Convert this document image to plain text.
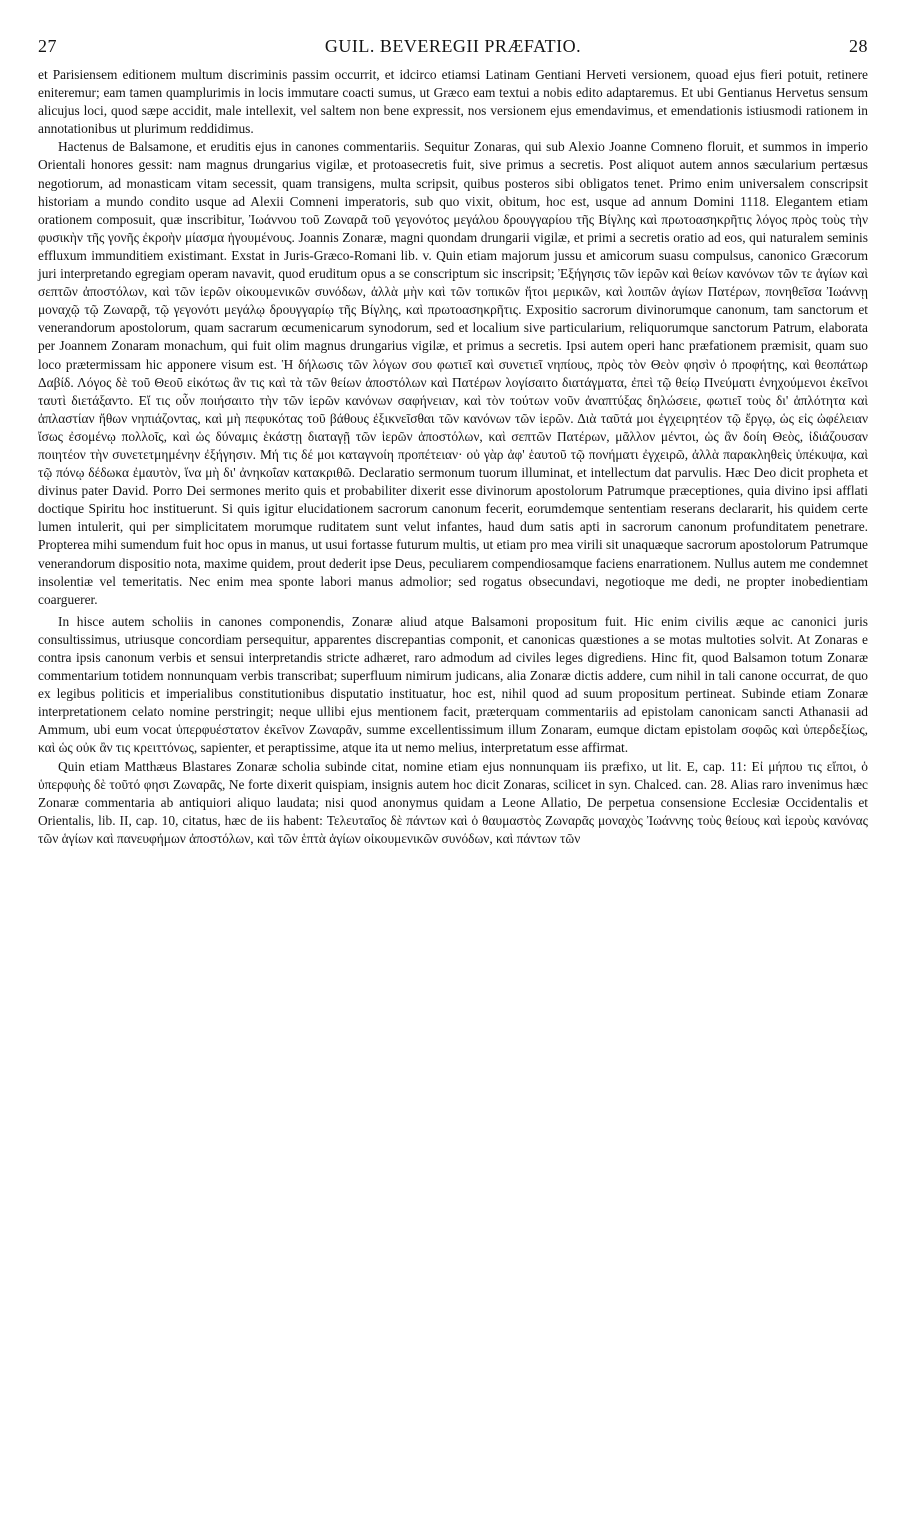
27	GUIL. BEVEREGII PRÆFATIO.	28

et Parisiensem editionem multum discriminis passim occurrit, et idcirco etiamsi Latinam Gentiani Herveti versionem, quoad ejus fieri potuit, retinere eniteremur; eam tamen quamplurimis in locis immutare coacti sumus, ut Græco eam textui a nobis edito adaptaremus. Et ubi Gentianus Hervetus sensum alicujus loci, quod sæpe accidit, male intellexit, vel saltem non bene expressit, nos versionem ejus emendavimus, et emendationis istiusmodi rationem in annotationibus ut plurimum reddidimus.

Hactenus de Balsamone, et eruditis ejus in canones commentariis. Sequitur Zonaras, qui sub Alexio Joanne Comneno floruit, et summos in imperio Orientali honores gessit: nam magnus drungarius vigilæ, et protoasecretis fuit, sive primus a secretis. Post aliquot autem annos sæcularium pertæsus negotiorum, ad monasticam vitam secessit, quam transigens, multa scripsit, quibus posteros sibi obligatos tenet. Primo enim universalem conscripsit historiam a mundo condito usque ad Alexii Comneni imperatoris, sub quo vixit, obitum, hoc est, usque ad annum Domini 1118. Elegantem etiam orationem composuit, quæ inscribitur, Ἰωάννου τοῦ Ζωναρᾶ τοῦ γεγονότος μεγάλου δρουγγαρίου τῆς Βίγλης καὶ πρωτοασηκρῆτις λόγος πρὸς τοὺς τὴν φυσικὴν τῆς γονῆς ἐκροὴν μίασμα ἡγουμένους. Joannis Zonaræ, magni quondam drungarii vigilæ, et primi a secretis oratio ad eos, qui naturalem seminis effluxum immunditiem existimant. Exstat in Juris-Græco-Romani lib. v. Quin etiam majorum jussu et amicorum suasu compulsus, canonico Græcorum juri interpretando egregiam operam navavit, quod eruditum opus a se conscriptum sic inscripsit; Ἐξήγησις τῶν ἱερῶν καὶ θείων κανόνων τῶν τε ἁγίων καὶ σεπτῶν ἀποστόλων, καὶ τῶν ἱερῶν οἰκουμενικῶν συνόδων, ἀλλὰ μὴν καὶ τῶν τοπικῶν ἤτοι μερικῶν, καὶ λοιπῶν ἁγίων Πατέρων, πονηθεῖσα Ἰωάννῃ μοναχῷ τῷ Ζωναρᾷ, τῷ γεγονότι μεγάλῳ δρουγγαρίῳ τῆς Βίγλης, καὶ πρωτοασηκρῆτις. Expositio sacrorum divinorumque canonum, tam sanctorum et venerandorum apostolorum, quam sacrarum œcumenicarum synodorum, sed et localium sive particularium, reliquorumque sanctorum Patrum, elaborata per Joannem Zonaram monachum, qui fuit olim magnus drungarius vigilæ, et primus a secretis. Ipsi autem operi hanc præfationem præmisit, quam suo loco prætermissam hic apponere visum est. Ἡ δήλωσις τῶν λόγων σου φωτιεῖ καὶ συνετιεῖ νηπίους, πρὸς τὸν Θεὸν φησὶν ὁ προφήτης, καὶ θεοπάτωρ Δαβίδ. Λόγος δὲ τοῦ Θεοῦ εἰκότως ἂν τις καὶ τὰ τῶν θείων ἀποστόλων καὶ Πατέρων λογίσαιτο διατάγματα, ἐπεὶ τῷ θείῳ Πνεύματι ἐνηχούμενοι ἐκεῖνοι ταυτὶ διετάξαντο. Εἴ τις οὖν ποιήσαιτο τὴν τῶν ἱερῶν κανόνων σαφήνειαν, καὶ τὸν τούτων νοῦν ἀναπτύξας δηλώσειε, φωτιεῖ τοὺς δι' ἁπλότητα καὶ ἀπλαστίαν ἤθων νηπιάζοντας, καὶ μὴ πεφυκότας τοῦ βάθους ἐξικνεῖσθαι τῶν κανόνων τῶν ἱερῶν. Διὰ ταῦτά μοι ἐγχειρητέον τῷ ἔργῳ, ὡς εἰς ὠφέλειαν ἴσως ἐσομένῳ πολλοῖς, καὶ ὡς δύναμις ἑκάστῃ διαταγῇ τῶν ἱερῶν ἀποστόλων, καὶ σεπτῶν Πατέρων, μᾶλλον μέντοι, ὡς ἂν δοίη Θεὸς, ἰδιάζουσαν ποιητέον τὴν συνετετμημένην ἐξήγησιν. Μή τις δέ μοι καταγνοίη προπέτειαν· οὐ γὰρ ἀφ' ἑαυτοῦ τῷ πονήματι ἐγχειρῶ, ἀλλὰ παρακληθεὶς ὑπέκυψα, καὶ τῷ πόνῳ δέδωκα ἐμαυτὸν, ἵνα μὴ δι' ἀνηκοΐαν κατακριθῶ. Declaratio sermonum tuorum illuminat, et intellectum dat parvulis. Hæc Deo dicit propheta et divinus pater David. Porro Dei sermones merito quis et probabiliter dixerit esse divinorum apostolorum Patrumque præceptiones, quia divino ipsi afflati doctique Spiritu hoc instituerunt. Si quis igitur elucidationem sacrorum canonum fecerit, eorumdemque sententiam reserans declararit, his quidem certe lumen intulerit, qui per simplicitatem morumque ruditatem sunt velut infantes, haud dum satis apti in sacrorum canonum profunditatem penetrare. Propterea mihi sumendum fuit hoc opus in manus, ut usui fortasse futurum multis, ut etiam pro mea virili sit unaquæque sacrorum apostolorum Patrumque venerandorum dispositio nota, maxime quidem, prout dederit ipse Deus, peculiarem compendiosamque faciens enarrationem. Nullus autem me condemnet insolentiæ vel temeritatis. Nec enim mea sponte labori manus admolior; sed rogatus obsecundavi, negotioque me dedi, ne propter inobedientiam coarguerer.

In hisce autem scholiis in canones componendis, Zonaræ aliud atque Balsamoni propositum fuit. Hic enim civilis æque ac canonici juris consultissimus, utriusque concordiam persequitur, apparentes discrepantias componit, et canonicas quæstiones a se motas multoties solvit. At Zonaras e contra ipsis canonum verbis et sensui interpretandis stricte adhæret, raro admodum ad civiles leges digrediens. Hinc fit, quod Balsamon totum Zonaræ commentarium totidem nonnunquam verbis transcribat; superfluum nimirum judicans, alia Zonaræ dictis addere, cum nihil in tali canone occurrat, de quo ex legibus politicis et imperialibus constitutionibus disputatio instituatur, hoc est, nihil quod ad suum propositum pertineat. Subinde etiam Zonaræ interpretationem celato nomine perstringit; neque ullibi ejus mentionem facit, præterquam commentariis ad epistolam canonicam sancti Athanasii ad Ammum, ubi eum vocat ὑπερφυέστατον ἐκεῖνον Ζωναρᾶν, summe excellentissimum illum Zonaram, eumque dictam epistolam σοφῶς καὶ ὑπερδεξίως, καὶ ὡς οὐκ ἂν τις κρειττόνως, sapienter, et peraptissime, atque ita ut nemo melius, interpretatum esse affirmat.

Quin etiam Matthæus Blastares Zonaræ scholia subinde citat, nomine etiam ejus nonnunquam iis præfixo, ut lit. E, cap. 11: Εἰ μήπου τις εἴποι, ὁ ὑπερφυὴς δὲ τοῦτό φησι Ζωναρᾶς, Ne forte dixerit quispiam, insignis autem hoc dicit Zonaras, scilicet in syn. Chalced. can. 28. Alias raro invenimus hæc Zonaræ commentaria ab antiquiori aliquo laudata; nisi quod anonymus quidam a Leone Allatio, De perpetua consensione Ecclesiæ Occidentalis et Orientalis, lib. II, cap. 10, citatus, hæc de iis habent: Τελευταῖος δὲ πάντων καὶ ὁ θαυμαστὸς Ζωναρᾶς μοναχὸς Ἰωάννης τοὺς θείους καὶ ἱεροὺς κανόνας τῶν ἁγίων καὶ πανευφήμων ἀποστόλων, καὶ τῶν ἑπτὰ ἁγίων οἰκουμενικῶν συνόδων, καὶ πάντων τῶν
